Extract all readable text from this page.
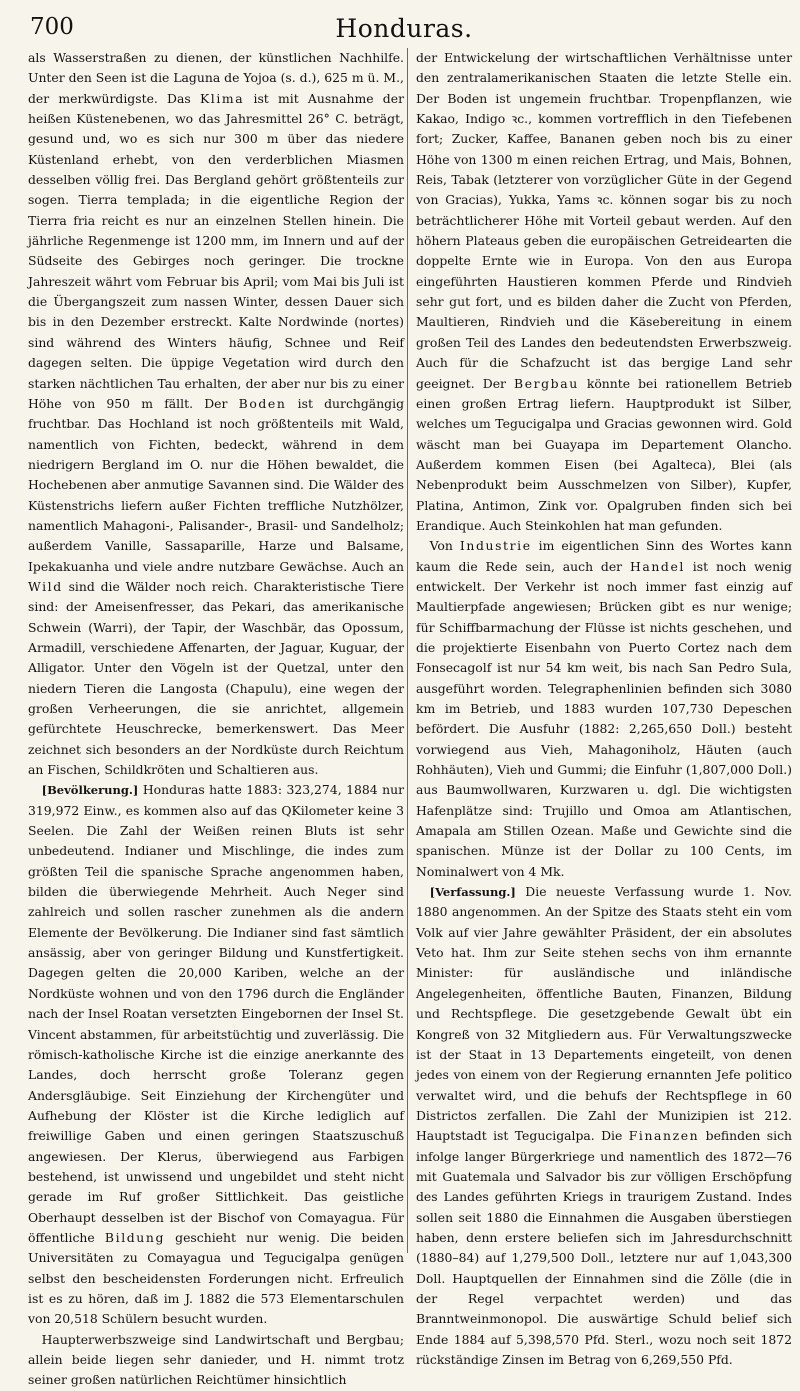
700	Honduras.

als Wasserstraßen zu dienen, der künstlichen Nachhilfe. Unter den Seen ist die Laguna de Yojoa (s. d.), 625 m ü. M., der merkwürdigste. Das Klima ist mit Ausnahme der heißen Küstenebenen, wo das Jahresmittel 26° C. beträgt, gesund und, wo es sich nur 300 m über das niedere Küstenland erhebt, von den verderblichen Miasmen desselben völlig frei. Das Bergland gehört größtenteils zur sogen. Tierra templada; in die eigentliche Region der Tierra fria reicht es nur an einzelnen Stellen hinein. Die jährliche Regenmenge ist 1200 mm, im Innern und auf der Südseite des Gebirges noch geringer. Die trockne Jahreszeit währt vom Februar bis April; vom Mai bis Juli ist die Übergangszeit zum nassen Winter, dessen Dauer sich bis in den Dezember erstreckt. Kalte Nordwinde (nortes) sind während des Winters häufig, Schnee und Reif dagegen selten. Die üppige Vegetation wird durch den starken nächtlichen Tau erhalten, der aber nur bis zu einer Höhe von 950 m fällt. Der Boden ist durchgängig fruchtbar. Das Hochland ist noch größtenteils mit Wald, namentlich von Fichten, bedeckt, während in dem niedrigern Bergland im O. nur die Höhen bewaldet, die Hochebenen aber anmutige Savannen sind. Die Wälder des Küstenstrichs liefern außer Fichten treffliche Nutzhölzer, namentlich Mahagoni-, Palisander-, Brasil- und Sandelholz; außerdem Vanille, Sassaparille, Harze und Balsame, Ipekakuanha und viele andre nutzbare Gewächse. Auch an Wild sind die Wälder noch reich. Charakteristische Tiere sind: der Ameisenfresser, das Pekari, das amerikanische Schwein (Warri), der Tapir, der Waschbär, das Opossum, Armadill, verschiedene Affenarten, der Jaguar, Kuguar, der Alligator. Unter den Vögeln ist der Quetzal, unter den niedern Tieren die Langosta (Chapulu), eine wegen der großen Verheerungen, die sie anrichtet, allgemein gefürchtete Heuschrecke, bemerkenswert. Das Meer zeichnet sich besonders an der Nordküste durch Reichtum an Fischen, Schildkröten und Schaltieren aus.

[Bevölkerung.] Honduras hatte 1883: 323,274, 1884 nur 319,972 Einw., es kommen also auf das QKilometer keine 3 Seelen. Die Zahl der Weißen reinen Bluts ist sehr unbedeutend. Indianer und Mischlinge, die indes zum größten Teil die spanische Sprache angenommen haben, bilden die überwiegende Mehrheit. Auch Neger sind zahlreich und sollen rascher zunehmen als die andern Elemente der Bevölkerung. Die Indianer sind fast sämtlich ansässig, aber von geringer Bildung und Kunstfertigkeit. Dagegen gelten die 20,000 Kariben, welche an der Nordküste wohnen und von den 1796 durch die Engländer nach der Insel Roatan versetzten Eingebornen der Insel St. Vincent abstammen, für arbeitstüchtig und zuverlässig. Die römisch-katholische Kirche ist die einzige anerkannte des Landes, doch herrscht große Toleranz gegen Andersgläubige. Seit Einziehung der Kirchengüter und Aufhebung der Klöster ist die Kirche lediglich auf freiwillige Gaben und einen geringen Staatszuschuß angewiesen. Der Klerus, überwiegend aus Farbigen bestehend, ist unwissend und ungebildet und steht nicht gerade im Ruf großer Sittlichkeit. Das geistliche Oberhaupt desselben ist der Bischof von Comayagua. Für öffentliche Bildung geschieht nur wenig. Die beiden Universitäten zu Comayagua und Tegucigalpa genügen selbst den bescheidensten Forderungen nicht. Erfreulich ist es zu hören, daß im J. 1882 die 573 Elementarschulen von 20,518 Schülern besucht wurden.

Haupterwerbszweige sind Landwirtschaft und Bergbau; allein beide liegen sehr danieder, und H. nimmt trotz seiner großen natürlichen Reichtümer hinsichtlich

der Entwickelung der wirtschaftlichen Verhältnisse unter den zentralamerikanischen Staaten die letzte Stelle ein. Der Boden ist ungemein fruchtbar. Tropenpflanzen, wie Kakao, Indigo ꝛc., kommen vortrefflich in den Tiefebenen fort; Zucker, Kaffee, Bananen geben noch bis zu einer Höhe von 1300 m einen reichen Ertrag, und Mais, Bohnen, Reis, Tabak (letzterer von vorzüglicher Güte in der Gegend von Gracias), Yukka, Yams ꝛc. können sogar bis zu noch beträchtlicherer Höhe mit Vorteil gebaut werden. Auf den höhern Plateaus geben die europäischen Getreidearten die doppelte Ernte wie in Europa. Von den aus Europa eingeführten Haustieren kommen Pferde und Rindvieh sehr gut fort, und es bilden daher die Zucht von Pferden, Maultieren, Rindvieh und die Käsebereitung in einem großen Teil des Landes den bedeutendsten Erwerbszweig. Auch für die Schafzucht ist das bergige Land sehr geeignet. Der Bergbau könnte bei rationellem Betrieb einen großen Ertrag liefern. Hauptprodukt ist Silber, welches um Tegucigalpa und Gracias gewonnen wird. Gold wäscht man bei Guayapa im Departement Olancho. Außerdem kommen Eisen (bei Agalteca), Blei (als Nebenprodukt beim Ausschmelzen von Silber), Kupfer, Platina, Antimon, Zink vor. Opalgruben finden sich bei Erandique. Auch Steinkohlen hat man gefunden.

Von Industrie im eigentlichen Sinn des Wortes kann kaum die Rede sein, auch der Handel ist noch wenig entwickelt. Der Verkehr ist noch immer fast einzig auf Maultierpfade angewiesen; Brücken gibt es nur wenige; für Schiffbarmachung der Flüsse ist nichts geschehen, und die projektierte Eisenbahn von Puerto Cortez nach dem Fonsecagolf ist nur 54 km weit, bis nach San Pedro Sula, ausgeführt worden. Telegraphenlinien befinden sich 3080 km im Betrieb, und 1883 wurden 107,730 Depeschen befördert. Die Ausfuhr (1882: 2,265,650 Doll.) besteht vorwiegend aus Vieh, Mahagoniholz, Häuten (auch Rohhäuten), Vieh und Gummi; die Einfuhr (1,807,000 Doll.) aus Baumwollwaren, Kurzwaren u. dgl. Die wichtigsten Hafenplätze sind: Trujillo und Omoa am Atlantischen, Amapala am Stillen Ozean. Maße und Gewichte sind die spanischen. Münze ist der Dollar zu 100 Cents, im Nominalwert von 4 Mk.

[Verfassung.] Die neueste Verfassung wurde 1. Nov. 1880 angenommen. An der Spitze des Staats steht ein vom Volk auf vier Jahre gewählter Präsident, der ein absolutes Veto hat. Ihm zur Seite stehen sechs von ihm ernannte Minister: für ausländische und inländische Angelegenheiten, öffentliche Bauten, Finanzen, Bildung und Rechtspflege. Die gesetzgebende Gewalt übt ein Kongreß von 32 Mitgliedern aus. Für Verwaltungszwecke ist der Staat in 13 Departements eingeteilt, von denen jedes von einem von der Regierung ernannten Jefe politico verwaltet wird, und die behufs der Rechtspflege in 60 Districtos zerfallen. Die Zahl der Munizipien ist 212. Hauptstadt ist Tegucigalpa. Die Finanzen befinden sich infolge langer Bürgerkriege und namentlich des 1872—76 mit Guatemala und Salvador bis zur völligen Erschöpfung des Landes geführten Kriegs in traurigem Zustand. Indes sollen seit 1880 die Einnahmen die Ausgaben überstiegen haben, denn erstere beliefen sich im Jahresdurchschnitt (1880–84) auf 1,279,500 Doll., letztere nur auf 1,043,300 Doll. Hauptquellen der Einnahmen sind die Zölle (die in der Regel verpachtet werden) und das Branntweinmonopol. Die auswärtige Schuld belief sich Ende 1884 auf 5,398,570 Pfd. Sterl., wozu noch seit 1872 rückständige Zinsen im Betrag von 6,269,550 Pfd.
